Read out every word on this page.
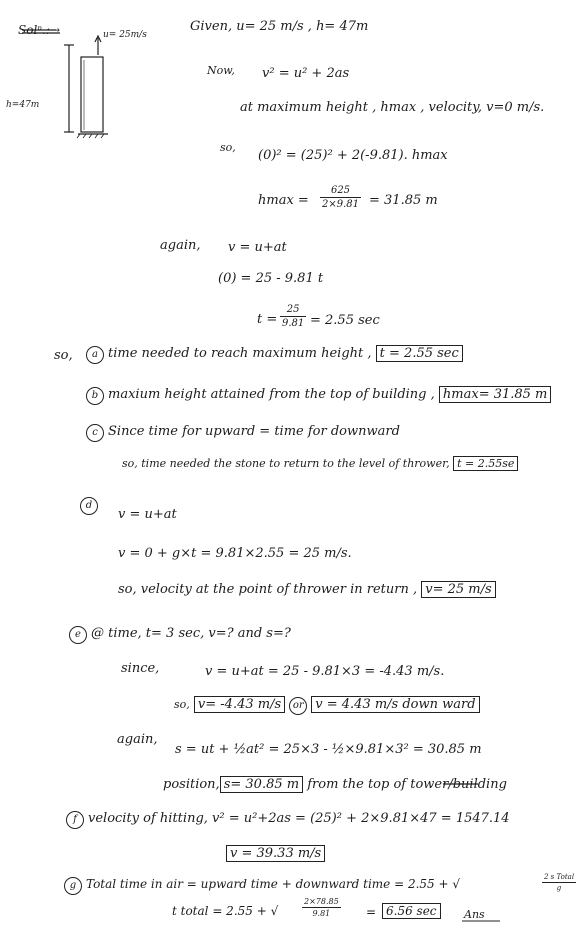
Solⁿ.:→	u= 25m/s
h=47m
Given, u= 25 m/s , h= 47m
Now, v² = u² + 2as
at maximum height , hmax , velocity, v=0 m/s.
so,
(0)² = (25)² + 2(-9.81). hmax
$hmax = \frac{625}{2\times 9.81} = 31.85$ m
again, v = u+at
(0) = 25 - 9.81 t
$t = \frac{25}{9.81} = 2.55$ sec
so,	a time needed to reach maximum height , t = 2.55 sec
b maxium height attained from the top of building , hmax= 31.85 m
c Since time for upward = time for downward
so, time needed the stone to return to the level of thrower, t = 2.55se
d
v = u+at
v = 0 + g×t = 9.81×2.55 = 25 m/s.
so, velocity at the point of thrower in return , v= 25 m/s
e @ time, t= 3 sec, v=? and s=?
since,	v = u+at = 25 - 9.81×3 = -4.43 m/s.
so, v= -4.43 m/s or v = 4.43 m/s down ward
again,
s = ut + ½at² = 25×3 - ½×9.81×3² = 30.85 m
position, s= 30.85 m from the top of tower/building
f velocity of hitting, v² = u²+2as = (25)² + 2×9.81×47 = 1547.14
v = 39.33 m/s
g Total time in air = upward time + downward time = 2.55 + √	2 s Total
g
t total = 2.55 + √	$\frac{2\times 78.85}{9.81} = 6.56$ sec	Ans
